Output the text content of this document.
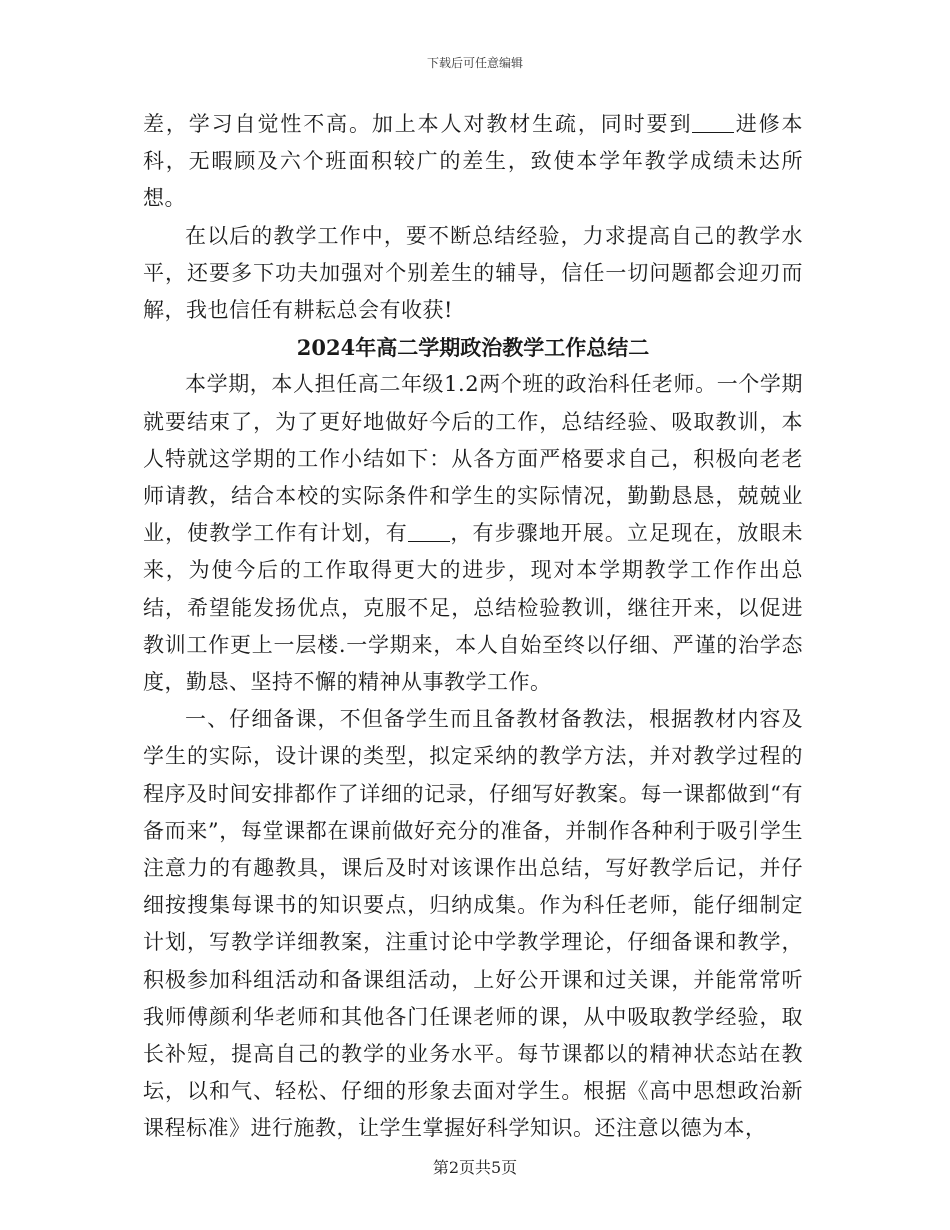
下载后可任意编辑

差，学习自觉性不高。加上本人对教材生疏，同时要到 进修本科，无暇顾及六个班面积较广的差生，致使本学年教学成绩未达所想。

在以后的教学工作中，要不断总结经验，力求提高自己的教学水平，还要多下功夫加强对个别差生的辅导，信任一切问题都会迎刃而解，我也信任有耕耘总会有收获!

2024年高二学期政治教学工作总结二

本学期，本人担任高二年级1.2两个班的政治科任老师。一个学期就要结束了，为了更好地做好今后的工作，总结经验、吸取教训，本人特就这学期的工作小结如下：从各方面严格要求自己，积极向老老师请教，结合本校的实际条件和学生的实际情况，勤勤恳恳，兢兢业业，使教学工作有计划，有 ，有步骤地开展。立足现在，放眼未来，为使今后的工作取得更大的进步，现对本学期教学工作作出总结，希望能发扬优点，克服不足，总结检验教训，继往开来，以促进教训工作更上一层楼.一学期来，本人自始至终以仔细、严谨的治学态度，勤恳、坚持不懈的精神从事教学工作。

一、仔细备课，不但备学生而且备教材备教法，根据教材内容及学生的实际，设计课的类型，拟定采纳的教学方法，并对教学过程的程序及时间安排都作了详细的记录，仔细写好教案。每一课都做到“有备而来”，每堂课都在课前做好充分的准备，并制作各种利于吸引学生注意力的有趣教具，课后及时对该课作出总结，写好教学后记，并仔细按搜集每课书的知识要点，归纳成集。作为科任老师，能仔细制定计划，写教学详细教案，注重讨论中学教学理论，仔细备课和教学，积极参加科组活动和备课组活动，上好公开课和过关课，并能常常听我师傅颜利华老师和其他各门任课老师的课，从中吸取教学经验，取长补短，提高自己的教学的业务水平。每节课都以的精神状态站在教坛，以和气、轻松、仔细的形象去面对学生。根据《高中思想政治新课程标准》进行施教，让学生掌握好科学知识。还注意以德为本，

第2页共5页
